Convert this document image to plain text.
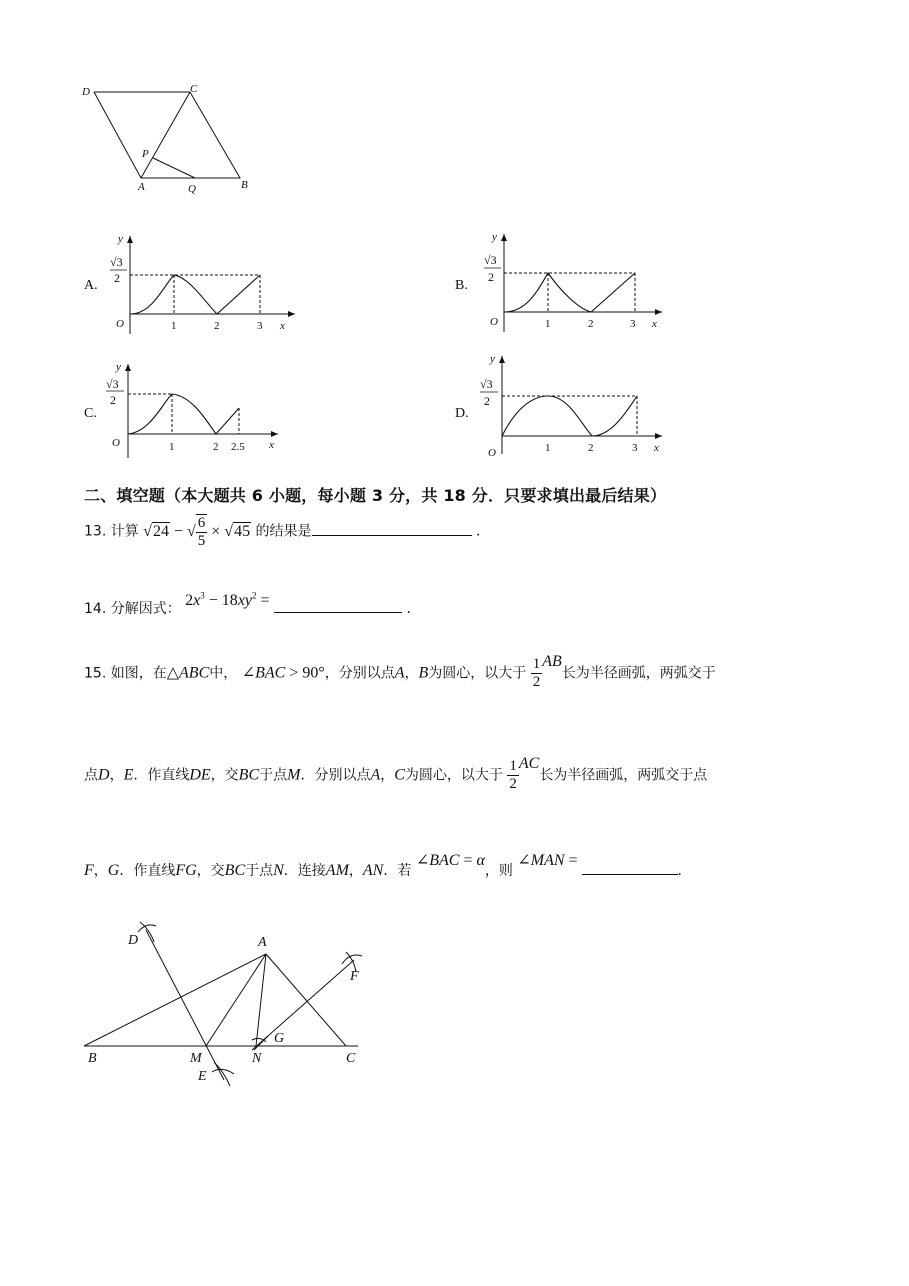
D	C
P
A	Q	B
A.
y
√3
2
O	1	2	3 x
B.
y
√3
2
O	1	2	3 x
C.
y
√3
2
O	1	2 2.5 x
D.
y
√3
2
O	1	2	3 x
二、填空题（本大题共 6 小题，每小题 3 分，共 18 分．只要求填出最后结果）
13. 计算 √24 − √ $\frac{6}{5} \times √45$ 的结果是	．
14. 分解因式： $2x^3 - 18xy^2$ =	．
15. 如图，在△ABC中， ∠BAC > 90°，分别以点A，B为圆心，以大于 $\frac{1}{2}$ AB长为半径画弧，两弧交于
点D，E．作直线DE，交BC于点M．分别以点A，C为圆心，以大于 $\frac{1}{2}$ AC长为半径画弧，两弧交于点
F，G．作直线FG，交BC于点N．连接AM，AN．若 ∠BAC = α，则 ∠MAN = ．
D	A
F
G
B	M	N	C
E
